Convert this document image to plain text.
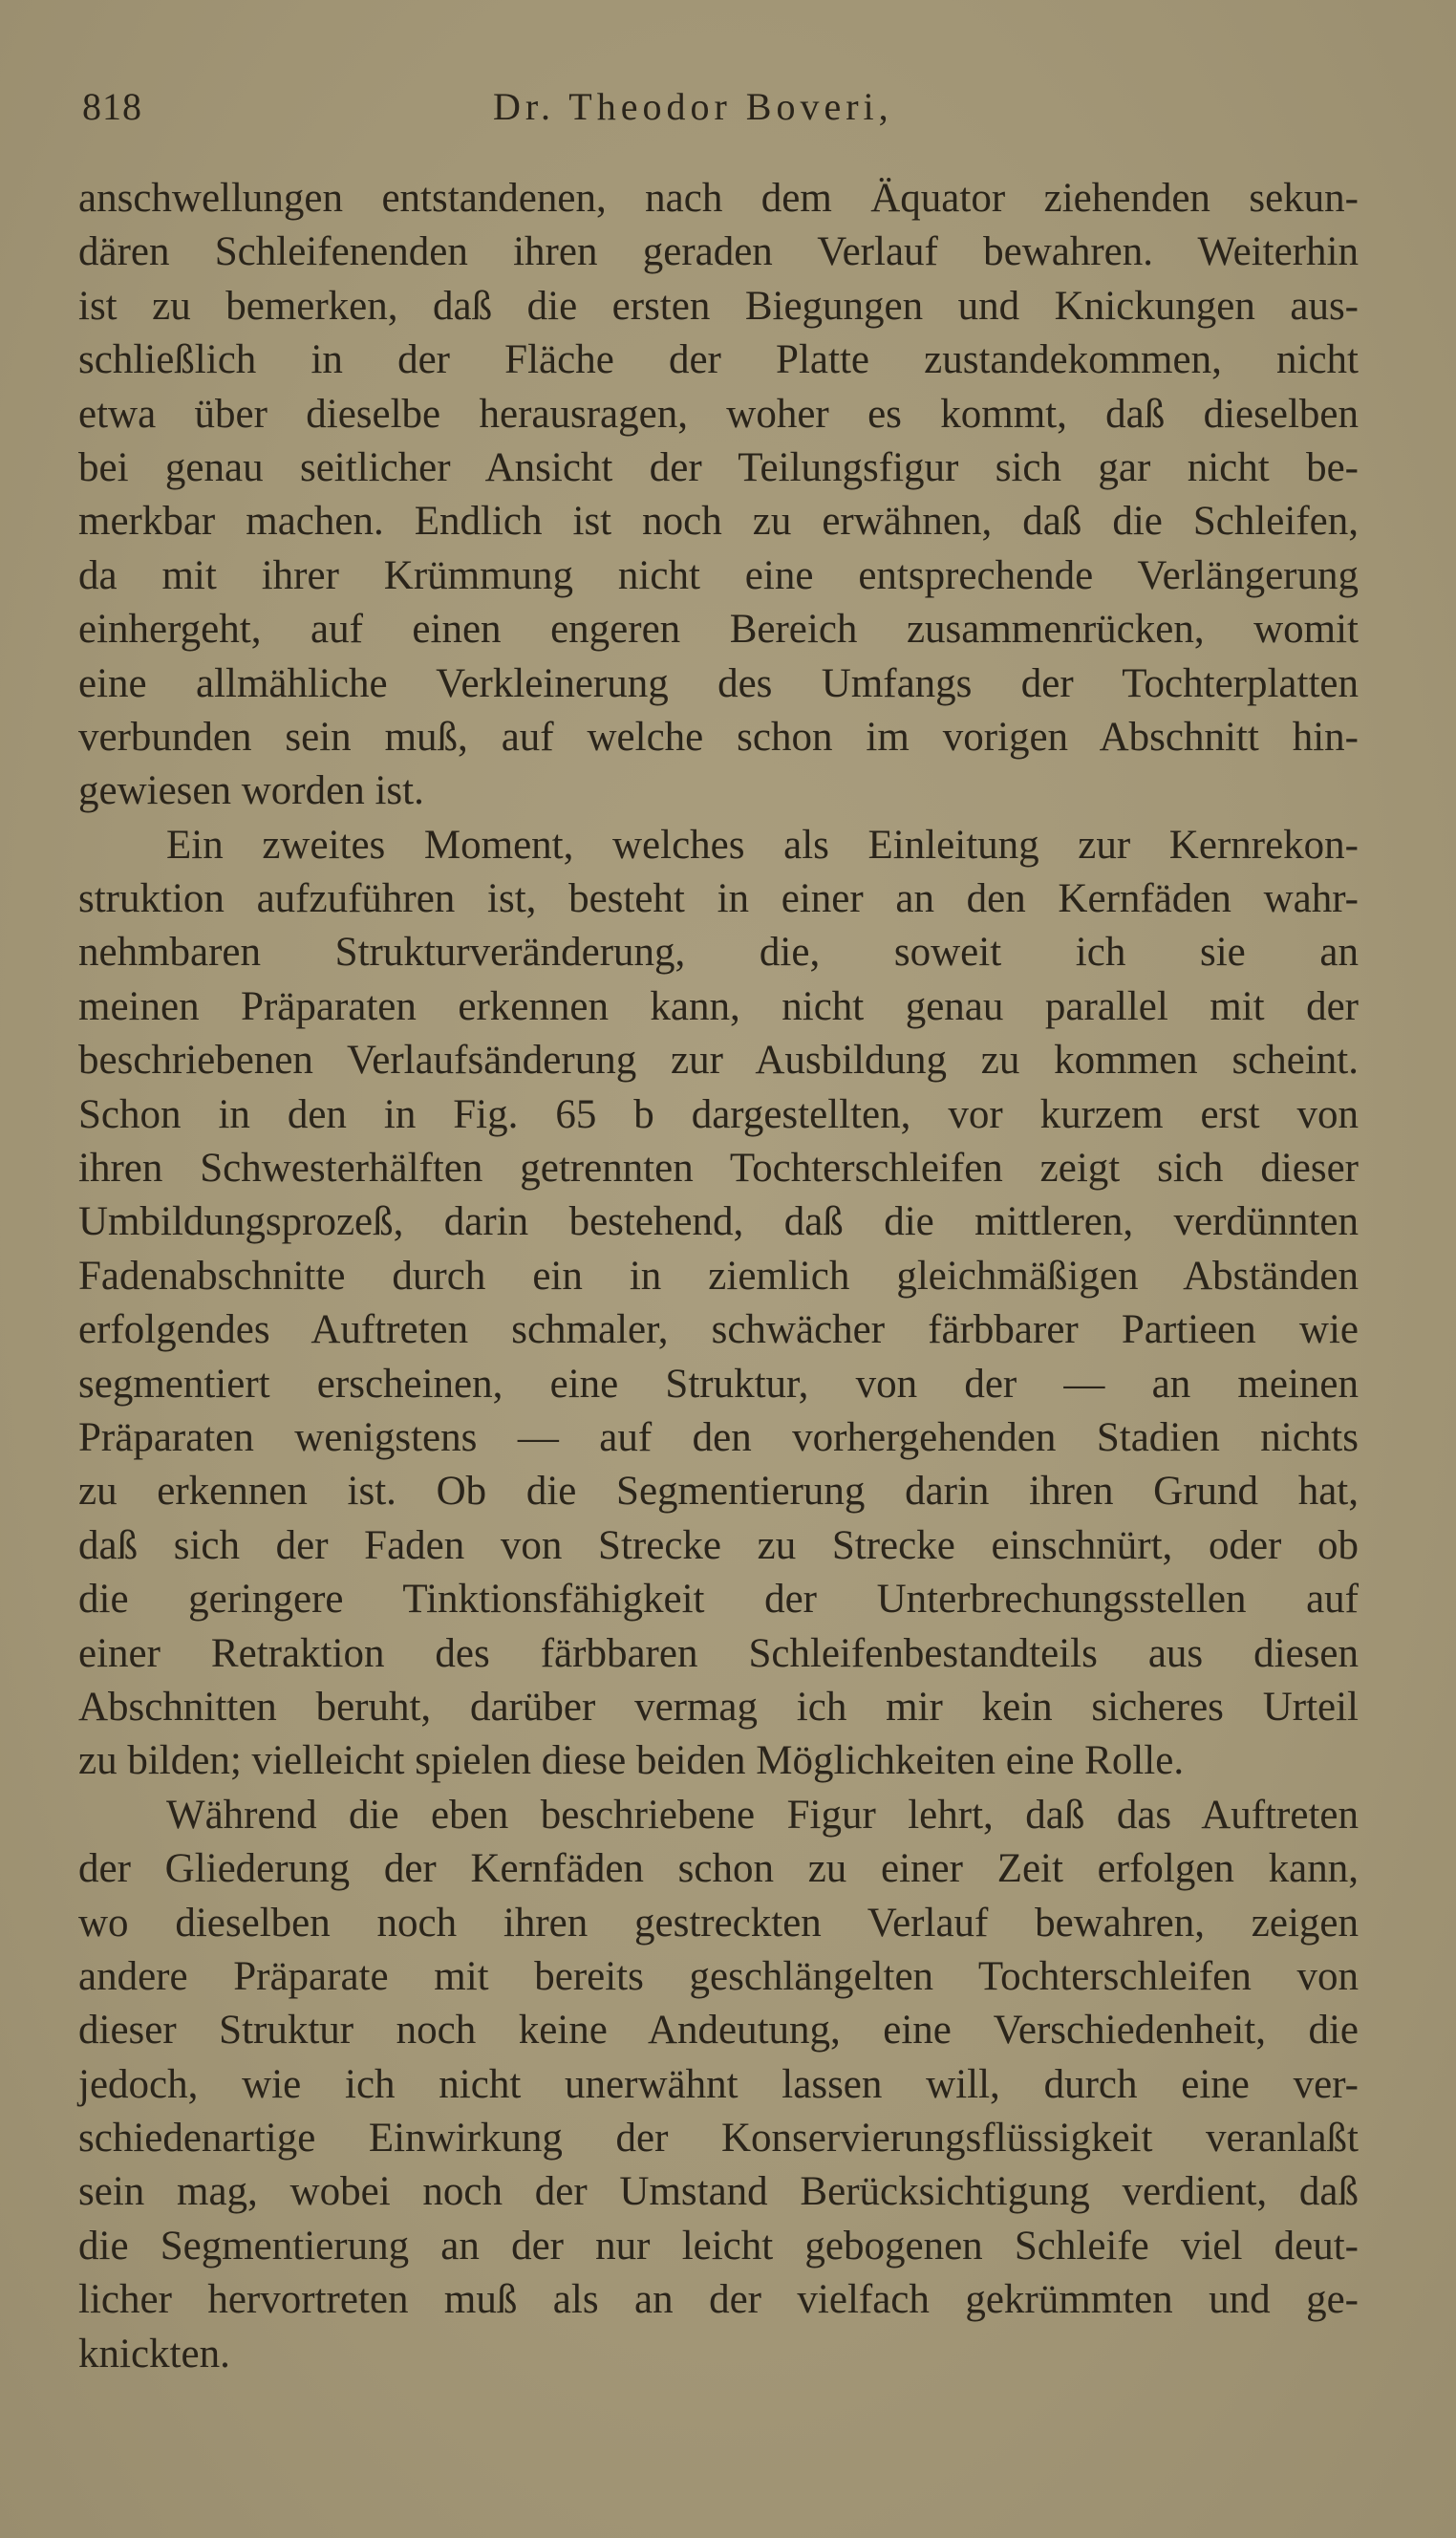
818	Dr. Theodor Boveri,
anschwellungen entstandenen, nach dem Äquator ziehenden sekun-
dären Schleifenenden ihren geraden Verlauf bewahren. Weiterhin
ist zu bemerken, daß die ersten Biegungen und Knickungen aus-
schließlich in der Fläche der Platte zustandekommen, nicht
etwa über dieselbe herausragen, woher es kommt, daß dieselben
bei genau seitlicher Ansicht der Teilungsfigur sich gar nicht be-
merkbar machen. Endlich ist noch zu erwähnen, daß die Schleifen,
da mit ihrer Krümmung nicht eine entsprechende Verlängerung
einhergeht, auf einen engeren Bereich zusammenrücken, womit
eine allmähliche Verkleinerung des Umfangs der Tochterplatten
verbunden sein muß, auf welche schon im vorigen Abschnitt hin-
gewiesen worden ist.
Ein zweites Moment, welches als Einleitung zur Kernrekon-
struktion aufzuführen ist, besteht in einer an den Kernfäden wahr-
nehmbaren Strukturveränderung, die, soweit ich sie an
meinen Präparaten erkennen kann, nicht genau parallel mit der
beschriebenen Verlaufsänderung zur Ausbildung zu kommen scheint.
Schon in den in Fig. 65 b dargestellten, vor kurzem erst von
ihren Schwesterhälften getrennten Tochterschleifen zeigt sich dieser
Umbildungsprozeß, darin bestehend, daß die mittleren, verdünnten
Fadenabschnitte durch ein in ziemlich gleichmäßigen Abständen
erfolgendes Auftreten schmaler, schwächer färbbarer Partieen wie
segmentiert erscheinen, eine Struktur, von der — an meinen
Präparaten wenigstens — auf den vorhergehenden Stadien nichts
zu erkennen ist. Ob die Segmentierung darin ihren Grund hat,
daß sich der Faden von Strecke zu Strecke einschnürt, oder ob
die geringere Tinktionsfähigkeit der Unterbrechungsstellen auf
einer Retraktion des färbbaren Schleifenbestandteils aus diesen
Abschnitten beruht, darüber vermag ich mir kein sicheres Urteil
zu bilden; vielleicht spielen diese beiden Möglichkeiten eine Rolle.
Während die eben beschriebene Figur lehrt, daß das Auftreten
der Gliederung der Kernfäden schon zu einer Zeit erfolgen kann,
wo dieselben noch ihren gestreckten Verlauf bewahren, zeigen
andere Präparate mit bereits geschlängelten Tochterschleifen von
dieser Struktur noch keine Andeutung, eine Verschiedenheit, die
jedoch, wie ich nicht unerwähnt lassen will, durch eine ver-
schiedenartige Einwirkung der Konservierungsflüssigkeit veranlaßt
sein mag, wobei noch der Umstand Berücksichtigung verdient, daß
die Segmentierung an der nur leicht gebogenen Schleife viel deut-
licher hervortreten muß als an der vielfach gekrümmten und ge-
knickten.
